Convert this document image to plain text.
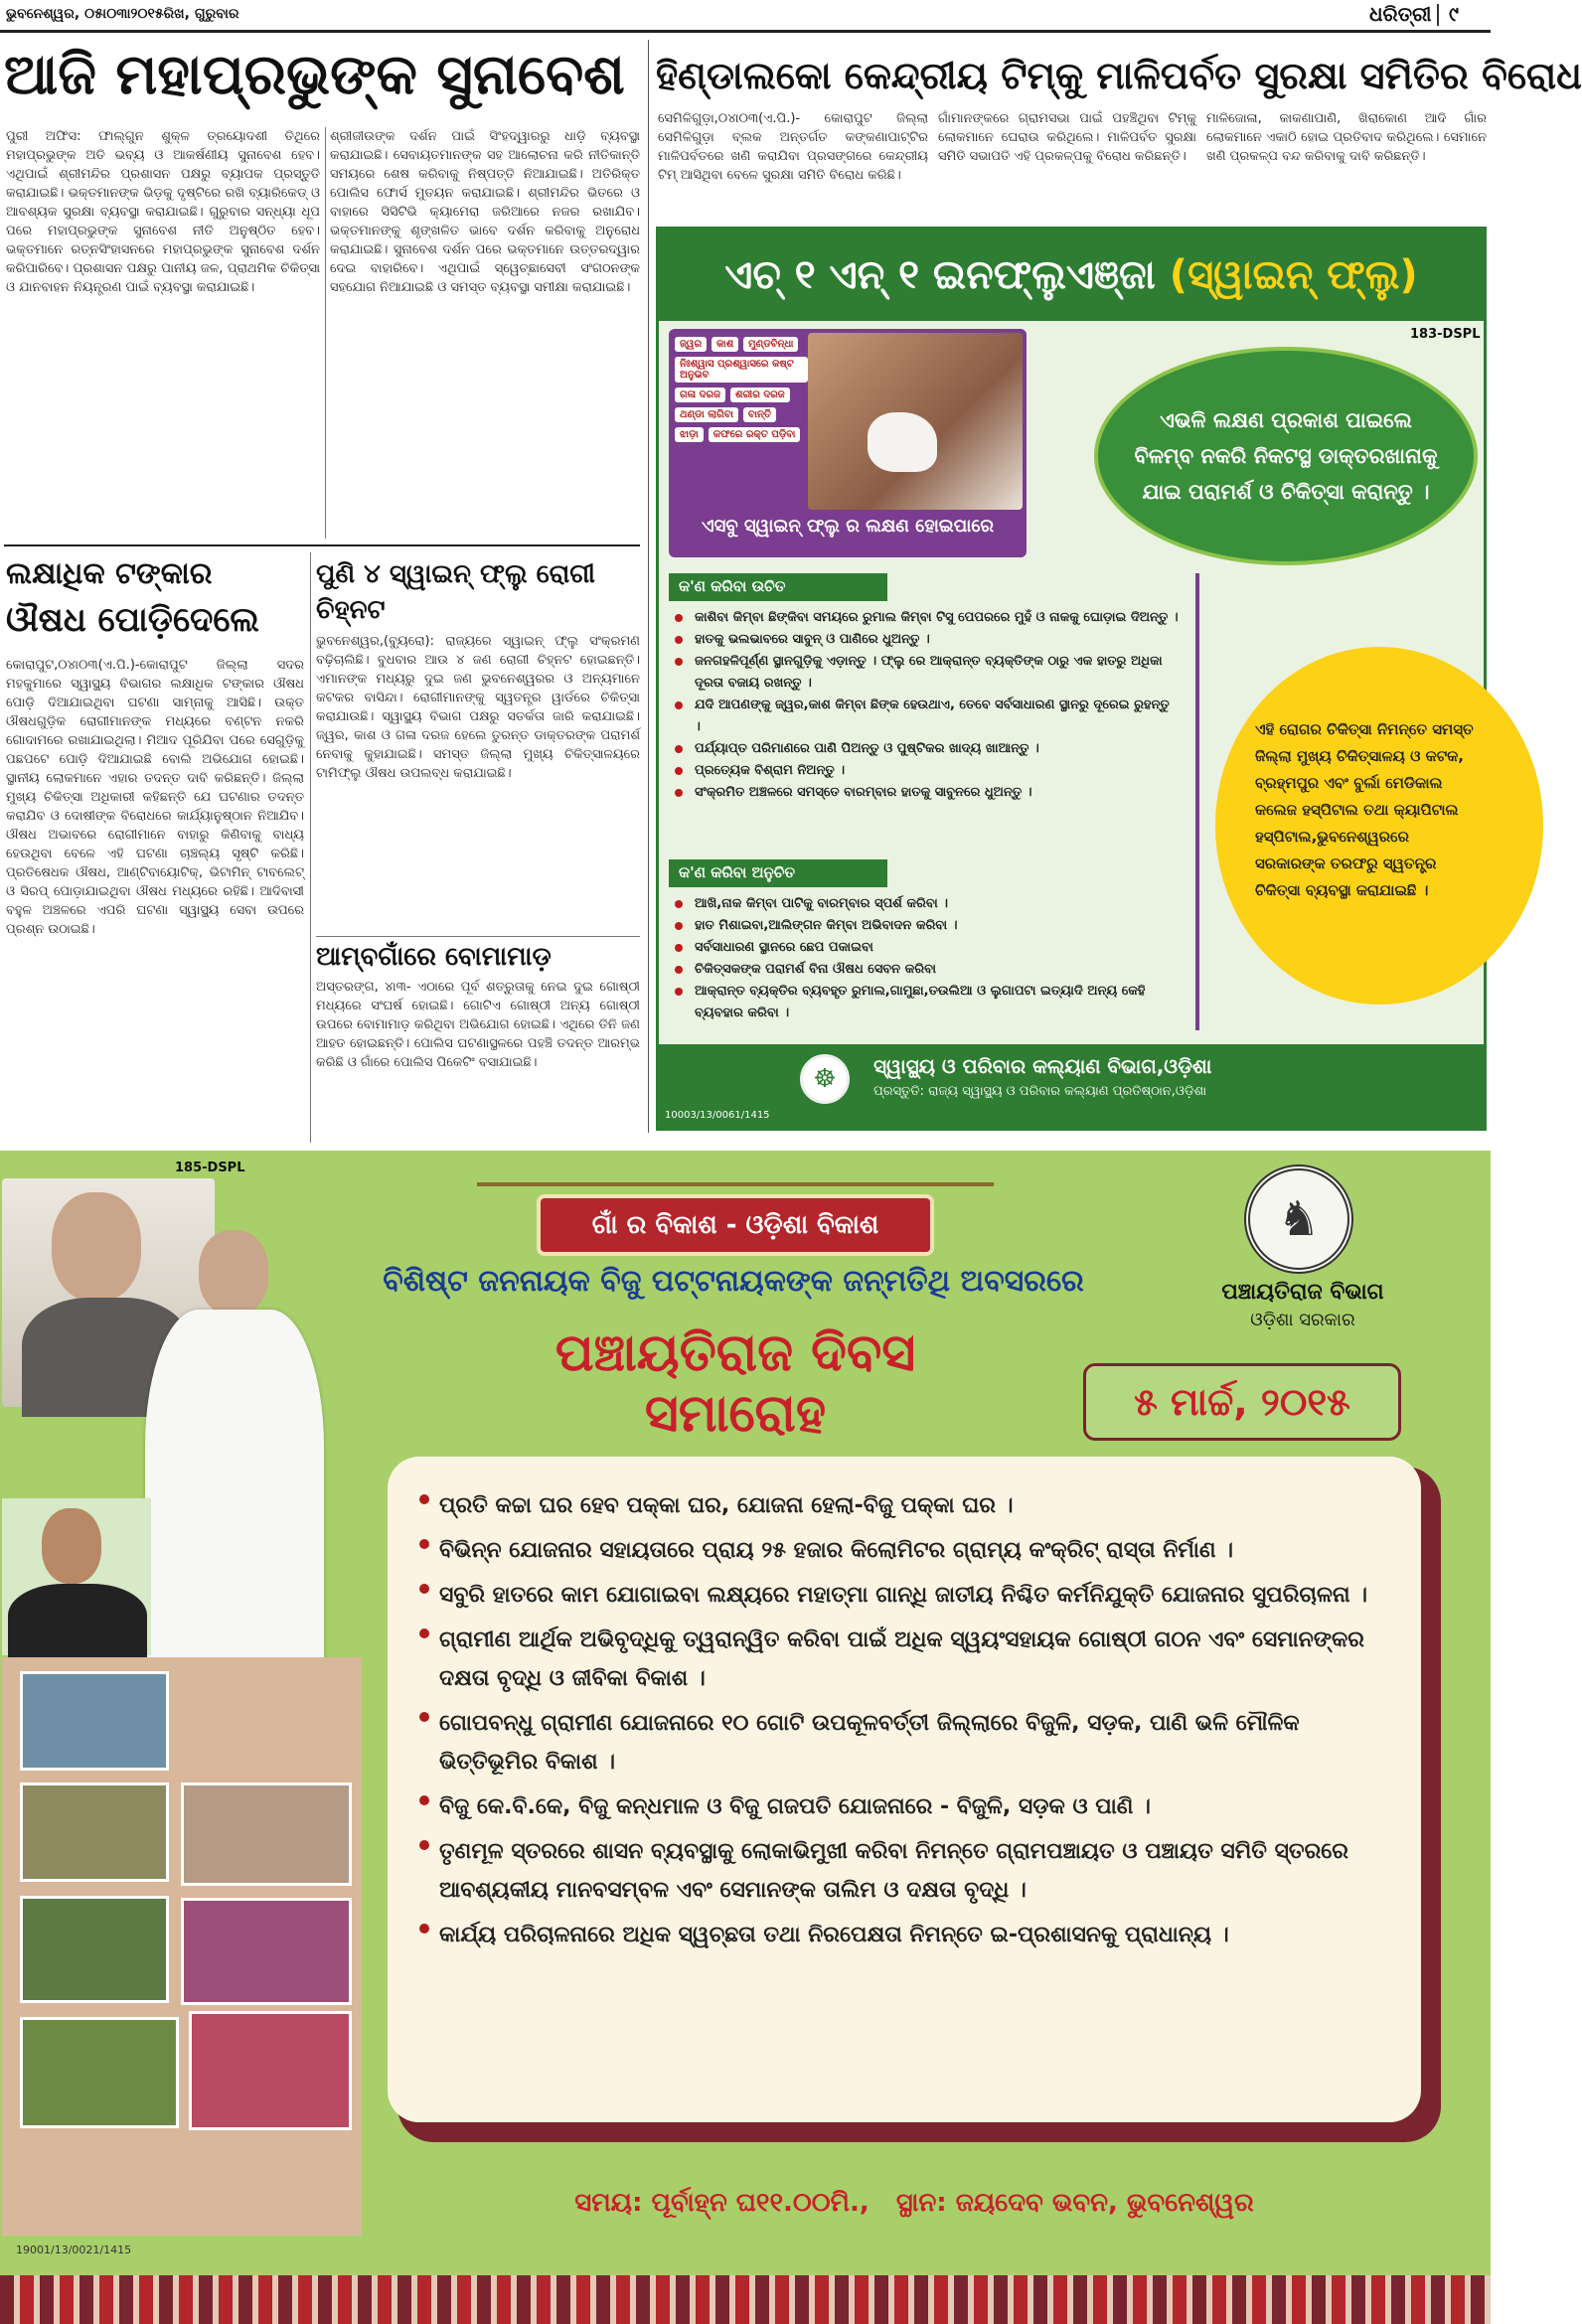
ଭୁବନେଶ୍ୱର, ୦୫ା୦୩ା୨୦୧୫ରିଖ, ଗୁରୁବାର	ଧରିତ୍ରୀ ୯
ଆଜି ମହାପ୍ରଭୁଙ୍କ ସୁନାବେଶ
ପୁରୀ ଅଫିସ: ଫାଲ୍‌ଗୁନ ଶୁକ୍ଳ ତ୍ରୟୋଦଶୀ ତିଥିରେ ମହାପ୍ରଭୁଙ୍କ ଅତି ଭବ୍ୟ ଓ ଆକର୍ଷଣୀୟ ସୁନାବେଶ ହେବ। ଏଥିପାଇଁ ଶ୍ରୀମନ୍ଦିର ପ୍ରଶାସନ ପକ୍ଷରୁ ବ୍ୟାପକ ପ୍ରସ୍ତୁତି କରାଯାଇଛି। ଭକ୍ତମାନଙ୍କ ଭିଡ଼କୁ ଦୃଷ୍ଟିରେ ରଖି ବ୍ୟାରିକେଡ୍‌ ଓ ଆବଶ୍ୟକ ସୁରକ୍ଷା ବ୍ୟବସ୍ଥା କରାଯାଇଛି। ଗୁରୁବାର ସନ୍ଧ୍ୟା ଧୂପ ପରେ ମହାପ୍ରଭୁଙ୍କ ସୁନାବେଶ ନୀତି ଅନୁଷ୍ଠିତ ହେବ। ଭକ୍ତମାନେ ରତ୍ନସିଂହାସନରେ ମହାପ୍ରଭୁଙ୍କ ସୁନାବେଶ ଦର୍ଶନ କରିପାରିବେ। ପ୍ରଶାସନ ପକ୍ଷରୁ ପାନୀୟ ଜଳ, ପ୍ରାଥମିକ ଚିକିତ୍ସା ଓ ଯାନବାହନ ନିୟନ୍ତ୍ରଣ ପାଇଁ ବ୍ୟବସ୍ଥା କରାଯାଇଛି।
ଶ୍ରୀଜୀଉଙ୍କ ଦର୍ଶନ ପାଇଁ ସିଂହଦ୍ୱାରରୁ ଧାଡ଼ି ବ୍ୟବସ୍ଥା କରାଯାଇଛି। ସେବାୟତମାନଙ୍କ ସହ ଆଲୋଚନା କରି ନୀତିକାନ୍ତି ସମୟରେ ଶେଷ କରିବାକୁ ନିଷ୍ପତ୍ତି ନିଆଯାଇଛି। ଅତିରିକ୍ତ ପୋଲିସ ଫୋର୍ସ ମୁତୟନ କରାଯାଇଛି। ଶ୍ରୀମନ୍ଦିର ଭିତରେ ଓ ବାହାରେ ସିସିଟିଭି କ୍ୟାମେରା ଜରିଆରେ ନଜର ରଖାଯିବ। ଭକ୍ତମାନଙ୍କୁ ଶୃଙ୍ଖଳିତ ଭାବେ ଦର୍ଶନ କରିବାକୁ ଅନୁରୋଧ କରାଯାଇଛି। ସୁନାବେଶ ଦର୍ଶନ ପରେ ଭକ୍ତମାନେ ଉତ୍ତରଦ୍ୱାର ଦେଇ ବାହାରିବେ। ଏଥିପାଇଁ ସ୍ୱେଚ୍ଛାସେବୀ ସଂଗଠନଙ୍କ ସହଯୋଗ ନିଆଯାଇଛି ଓ ସମସ୍ତ ବ୍ୟବସ୍ଥା ସମୀକ୍ଷା କରାଯାଇଛି।
ହିଣ୍ଡାଲକୋ କେନ୍ଦ୍ରୀୟ ଟିମ୍‌କୁ ମାଳିପର୍ବତ ସୁରକ୍ଷା ସମିତିର ବିରୋଧ
ସେମିଳିଗୁଡ଼ା,୦୪ା୦୩(ଏ.ପି.)- କୋରାପୁଟ ଜିଲ୍ଲା ସେମିଳିଗୁଡ଼ା ବ୍ଲକ ଅନ୍ତର୍ଗତ କଙ୍କଣାପାଟ୍ଟିର ମାଳିପର୍ବତରେ ଖଣି କରାଯିବା ପ୍ରସଙ୍ଗରେ କେନ୍ଦ୍ରୀୟ ଟିମ୍‌ ଆସିଥିବା ବେଳେ ସୁରକ୍ଷା ସମିତି ବିରୋଧ କରିଛି।
ଗାଁମାନଙ୍କରେ ଗ୍ରାମସଭା ପାଇଁ ପହଞ୍ଚିଥିବା ଟିମ୍‌କୁ ଲୋକମାନେ ଘେରାଉ କରିଥିଲେ। ମାଳିପର୍ବତ ସୁରକ୍ଷା ସମିତି ସଭାପତି ଏହି ପ୍ରକଳ୍ପକୁ ବିରୋଧ କରିଛନ୍ତି।
ମାଳିଜୋଳା, କାକଣାପାଣି, ଖିରାକୋଣ ଆଦି ଗାଁର ଲୋକମାନେ ଏକାଠି ହୋଇ ପ୍ରତିବାଦ କରିଥିଲେ। ସେମାନେ ଖଣି ପ୍ରକଳ୍ପ ବନ୍ଦ କରିବାକୁ ଦାବି କରିଛନ୍ତି।
ଏଚ୍‌ ୧ ଏନ୍‌ ୧ ଇନଫ୍ଲୁଏଞ୍ଜା (ସ୍ୱାଇନ୍‌ ଫ୍ଲୁ)
183-DSPL
ଜ୍ୱର	କାଶ	ମୁଣ୍ଡବିନ୍ଧା
ନିଃଶ୍ୱାସ ପ୍ରଶ୍ୱାସରେ କଷ୍ଟ ଅନୁଭବ
ଗଳା ଦରଜ	ଶରୀର ଦରଜ
ଥଣ୍ଡା ଲାଗିବା	ବାନ୍ତି
ଝାଡ଼ା	କଫରେ ରକ୍ତ ପଡ଼ିବା
ଏସବୁ ସ୍ୱାଇନ୍‌ ଫ୍ଲୁ ର ଲକ୍ଷଣ ହୋଇପାରେ
ଏଭଳି ଲକ୍ଷଣ ପ୍ରକାଶ ପାଇଲେ ବିଳମ୍ବ ନକରି ନିକଟସ୍ଥ ଡାକ୍ତରଖାନାକୁ ଯାଇ ପରାମର୍ଶ ଓ ଚିକିତ୍ସା କରାନ୍ତୁ ।
କ'ଣ କରିବା ଉଚିତ
କାଶିବା କିମ୍ବା ଛିଙ୍କିବା ସମୟରେ ରୁମାଲ କିମ୍ବା ଟିସୁ ପେପରରେ ମୁହଁ ଓ ନାକକୁ ଘୋଡ଼ାଇ ଦିଅନ୍ତୁ ।
ହାତକୁ ଭଲଭାବରେ ସାବୁନ୍‌ ଓ ପାଣିରେ ଧୁଅନ୍ତୁ ।
ଜନଗହଳିପୂର୍ଣ୍ଣ ସ୍ଥାନଗୁଡ଼ିକୁ ଏଡ଼ାନ୍ତୁ । ଫ୍ଲୁ ରେ ଆକ୍ରାନ୍ତ ବ୍ୟକ୍ତିଙ୍କ ଠାରୁ ଏକ ହାତରୁ ଅଧିକା ଦୂରତା ବଜାୟ ରଖନ୍ତୁ ।
ଯଦି ଆପଣଙ୍କୁ ଜ୍ୱର,କାଶ କିମ୍ବା ଛିଙ୍କ ହେଉଥାଏ, ତେବେ ସର୍ବସାଧାରଣ ସ୍ଥାନରୁ ଦୂରେଇ ରୁହନ୍ତୁ ।
ପର୍ଯ୍ୟାପ୍ତ ପରିମାଣରେ ପାଣି ପିଅନ୍ତୁ ଓ ପୁଷ୍ଟିକର ଖାଦ୍ୟ ଖାଆନ୍ତୁ ।
ପ୍ରତ୍ୟେକ ବିଶ୍ରାମ ନିଅନ୍ତୁ ।
ସଂକ୍ରମିତ ଅଞ୍ଚଳରେ ସମସ୍ତେ ବାରମ୍ବାର ହାତକୁ ସାବୁନରେ ଧୁଅନ୍ତୁ ।
କ'ଣ କରିବା ଅନୁଚିତ
ଆଖି,ନାକ କିମ୍ବା ପାଟିକୁ ବାରମ୍ବାର ସ୍ପର୍ଶ କରିବା ।
ହାତ ମିଶାଇବା,ଆଲିଙ୍ଗନ କିମ୍ବା ଅଭିବାଦନ କରିବା ।
ସର୍ବସାଧାରଣ ସ୍ଥାନରେ ଛେପ ପକାଇବା
ଚିକିତ୍ସକଙ୍କ ପରାମର୍ଶ ବିନା ଔଷଧ ସେବନ କରିବା
ଆକ୍ରାନ୍ତ ବ୍ୟକ୍ତିର ବ୍ୟବହୃତ ରୁମାଲ,ଗାମୁଛା,ତଉଲିଆ ଓ ଲୁଗାପଟା ଇତ୍ୟାଦି ଅନ୍ୟ କେହି ବ୍ୟବହାର କରିବା ।
ଏହି ରୋଗର ଚିକିତ୍ସା ନିମନ୍ତେ ସମସ୍ତ ଜିଲ୍ଲା ମୁଖ୍ୟ ଚିକିତ୍ସାଳୟ ଓ କଟକ, ବ୍ରହ୍ମପୁର ଏବଂ ବୁର୍ଲା ମେଡିକାଲ କଲେଜ ହସ୍ପିଟାଲ ତଥା କ୍ୟାପିଟାଲ ହସ୍ପିଟାଲ,ଭୁବନେଶ୍ୱରରେ ସରକାରଙ୍କ ତରଫରୁ ସ୍ୱତନ୍ତ୍ର ଚିକିତ୍ସା ବ୍ୟବସ୍ଥା କରାଯାଇଛି ।
☸	ସ୍ୱାସ୍ଥ୍ୟ ଓ ପରିବାର କଲ୍ୟାଣ ବିଭାଗ,ଓଡ଼ିଶା
ପ୍ରସ୍ତୁତି: ରାଜ୍ୟ ସ୍ୱାସ୍ଥ୍ୟ ଓ ପରିବାର କଲ୍ୟାଣ ପ୍ରତିଷ୍ଠାନ,ଓଡ଼ିଶା
10003/13/0061/1415
ଲକ୍ଷାଧିକ ଟଙ୍କାର
ଔଷଧ ପୋଡ଼ିଦେଲେ
କୋରାପୁଟ,୦୪ା୦୩(ଏ.ପି.)-କୋରାପୁଟ ଜିଲ୍ଲା ସଦର ମହକୁମାରେ ସ୍ୱାସ୍ଥ୍ୟ ବିଭାଗର ଲକ୍ଷାଧିକ ଟଙ୍କାର ଔଷଧ ପୋଡ଼ି ଦିଆଯାଇଥିବା ଘଟଣା ସାମ୍ନାକୁ ଆସିଛି। ଉକ୍ତ ଔଷଧଗୁଡ଼ିକ ରୋଗୀମାନଙ୍କ ମଧ୍ୟରେ ବଣ୍ଟନ ନକରି ଗୋଦାମରେ ରଖାଯାଇଥିଲା। ମିଆଦ ପୂରିଯିବା ପରେ ସେଗୁଡ଼ିକୁ ପଛପଟେ ପୋଡ଼ି ଦିଆଯାଇଛି ବୋଲି ଅଭିଯୋଗ ହୋଇଛି। ସ୍ଥାନୀୟ ଲୋକମାନେ ଏହାର ତଦନ୍ତ ଦାବି କରିଛନ୍ତି। ଜିଲ୍ଲା ମୁଖ୍ୟ ଚିକିତ୍ସା ଅଧିକାରୀ କହିଛନ୍ତି ଯେ ଘଟଣାର ତଦନ୍ତ କରାଯିବ ଓ ଦୋଷୀଙ୍କ ବିରୋଧରେ କାର୍ଯ୍ୟାନୁଷ୍ଠାନ ନିଆଯିବ। ଔଷଧ ଅଭାବରେ ରୋଗୀମାନେ ବାହାରୁ କିଣିବାକୁ ବାଧ୍ୟ ହେଉଥିବା ବେଳେ ଏହି ଘଟଣା ଚାଞ୍ଚଲ୍ୟ ସୃଷ୍ଟି କରିଛି। ପ୍ରତିଷେଧକ ଔଷଧ, ଆଣ୍ଟିବାୟୋଟିକ୍‌, ଭିଟାମିନ୍‌ ଟାବଲେଟ୍‌ ଓ ସିରପ୍‌ ପୋଡ଼ାଯାଇଥିବା ଔଷଧ ମଧ୍ୟରେ ରହିଛି। ଆଦିବାସୀ ବହୁଳ ଅଞ୍ଚଳରେ ଏପରି ଘଟଣା ସ୍ୱାସ୍ଥ୍ୟ ସେବା ଉପରେ ପ୍ରଶ୍ନ ଉଠାଇଛି।
ପୁଣି ୪ ସ୍ୱାଇନ୍‌ ଫ୍ଲୁ ରୋଗୀ ଚିହ୍ନଟ
ଭୁବନେଶ୍ୱର,(ବ୍ୟୁରୋ): ରାଜ୍ୟରେ ସ୍ୱାଇନ୍‌ ଫ୍ଲୁ ସଂକ୍ରମଣ ବଢ଼ିଚାଲିଛି। ବୁଧବାର ଆଉ ୪ ଜଣ ରୋଗୀ ଚିହ୍ନଟ ହୋଇଛନ୍ତି। ଏମାନଙ୍କ ମଧ୍ୟରୁ ଦୁଇ ଜଣ ଭୁବନେଶ୍ୱରର ଓ ଅନ୍ୟମାନେ କଟକର ବାସିନ୍ଦା। ରୋଗୀମାନଙ୍କୁ ସ୍ୱତନ୍ତ୍ର ୱାର୍ଡରେ ଚିକିତ୍ସା କରାଯାଉଛି। ସ୍ୱାସ୍ଥ୍ୟ ବିଭାଗ ପକ୍ଷରୁ ସତର୍କତା ଜାରି କରାଯାଇଛି। ଜ୍ୱର, କାଶ ଓ ଗଳା ଦରଜ ହେଲେ ତୁରନ୍ତ ଡାକ୍ତରଙ୍କ ପରାମର୍ଶ ନେବାକୁ କୁହାଯାଇଛି। ସମସ୍ତ ଜିଲ୍ଲା ମୁଖ୍ୟ ଚିକିତ୍ସାଳୟରେ ଟାମିଫ୍ଲୁ ଔଷଧ ଉପଲବ୍ଧ କରାଯାଇଛି।
ଆମ୍ବଗାଁରେ ବୋମାମାଡ଼
ଅସ୍ତରଙ୍ଗ, ୪ା୩- ଏଠାରେ ପୂର୍ବ ଶତ୍ରୁତାକୁ ନେଇ ଦୁଇ ଗୋଷ୍ଠୀ ମଧ୍ୟରେ ସଂଘର୍ଷ ହୋଇଛି। ଗୋଟିଏ ଗୋଷ୍ଠୀ ଅନ୍ୟ ଗୋଷ୍ଠୀ ଉପରେ ବୋମାମାଡ଼ କରିଥିବା ଅଭିଯୋଗ ହୋଇଛି। ଏଥିରେ ତିନି ଜଣ ଆହତ ହୋଇଛନ୍ତି। ପୋଲିସ ଘଟଣାସ୍ଥଳରେ ପହଞ୍ଚି ତଦନ୍ତ ଆରମ୍ଭ କରିଛି ଓ ଗାଁରେ ପୋଲିସ ପିକେଟିଂ ବସାଯାଇଛି।
185-DSPL
19001/13/0021/1415
ଗାଁ ର ବିକାଶ - ଓଡ଼ିଶା ବିକାଶ	♞
ପଞ୍ଚାୟତିରାଜ ବିଭାଗ
ଓଡ଼ିଶା ସରକାର
ବିଶିଷ୍ଟ ଜନନାୟକ ବିଜୁ ପଟ୍ଟନାୟକଙ୍କ ଜନ୍ମତିଥି ଅବସରରେ
ପଞ୍ଚାୟତିରାଜ ଦିବସ
ସମାରୋହ	୫ ମାର୍ଚ୍ଚ, ୨୦୧୫
ପ୍ରତି କଚ୍ଚା ଘର ହେବ ପକ୍କା ଘର, ଯୋଜନା ହେଲା-ବିଜୁ ପକ୍କା ଘର ।
ବିଭିନ୍ନ ଯୋଜନାର ସହାୟତାରେ ପ୍ରାୟ ୨୫ ହଜାର କିଲୋମିଟର ଗ୍ରାମ୍ୟ କଂକ୍ରିଟ୍‌ ରାସ୍ତା ନିର୍ମାଣ ।
ସବୁରି ହାତରେ କାମ ଯୋଗାଇବା ଲକ୍ଷ୍ୟରେ ମହାତ୍ମା ଗାନ୍ଧି ଜାତୀୟ ନିଶ୍ଚିତ କର୍ମନିଯୁକ୍ତି ଯୋଜନାର ସୁପରିଚାଳନା ।
ଗ୍ରାମୀଣ ଆର୍ଥିକ ଅଭିବୃଦ୍ଧିକୁ ତ୍ୱରାନ୍ୱିତ କରିବା ପାଇଁ ଅଧିକ ସ୍ୱୟଂସହାୟକ ଗୋଷ୍ଠୀ ଗଠନ ଏବଂ ସେମାନଙ୍କର ଦକ୍ଷତା ବୃଦ୍ଧି ଓ ଜୀବିକା ବିକାଶ ।
ଗୋପବନ୍ଧୁ ଗ୍ରାମୀଣ ଯୋଜନାରେ ୧୦ ଗୋଟି ଉପକୂଳବର୍ତ୍ତୀ ଜିଲ୍ଲାରେ ବିଜୁଳି, ସଡ଼କ, ପାଣି ଭଳି ମୌଳିକ ଭିତ୍ତିଭୂମିର ବିକାଶ ।
ବିଜୁ କେ.ବି.କେ, ବିଜୁ କନ୍ଧମାଳ ଓ ବିଜୁ ଗଜପତି ଯୋଜନାରେ - ବିଜୁଳି, ସଡ଼କ ଓ ପାଣି ।
ତୃଣମୂଳ ସ୍ତରରେ ଶାସନ ବ୍ୟବସ୍ଥାକୁ ଲୋକାଭିମୁଖୀ କରିବା ନିମନ୍ତେ ଗ୍ରାମପଞ୍ଚାୟତ ଓ ପଞ୍ଚାୟତ ସମିତି ସ୍ତରରେ ଆବଶ୍ୟକୀୟ ମାନବସମ୍ବଳ ଏବଂ ସେମାନଙ୍କ ତାଲିମ ଓ ଦକ୍ଷତା ବୃଦ୍ଧି ।
କାର୍ଯ୍ୟ ପରିଚାଳନାରେ ଅଧିକ ସ୍ୱଚ୍ଛତା ତଥା ନିରପେକ୍ଷତା ନିମନ୍ତେ ଇ-ପ୍ରଶାସନକୁ ପ୍ରାଧାନ୍ୟ ।
ସମୟ: ପୂର୍ବାହ୍ନ ଘ୧୧.୦୦ମି.,   ସ୍ଥାନ: ଜୟଦେବ ଭବନ, ଭୁବନେଶ୍ୱର
